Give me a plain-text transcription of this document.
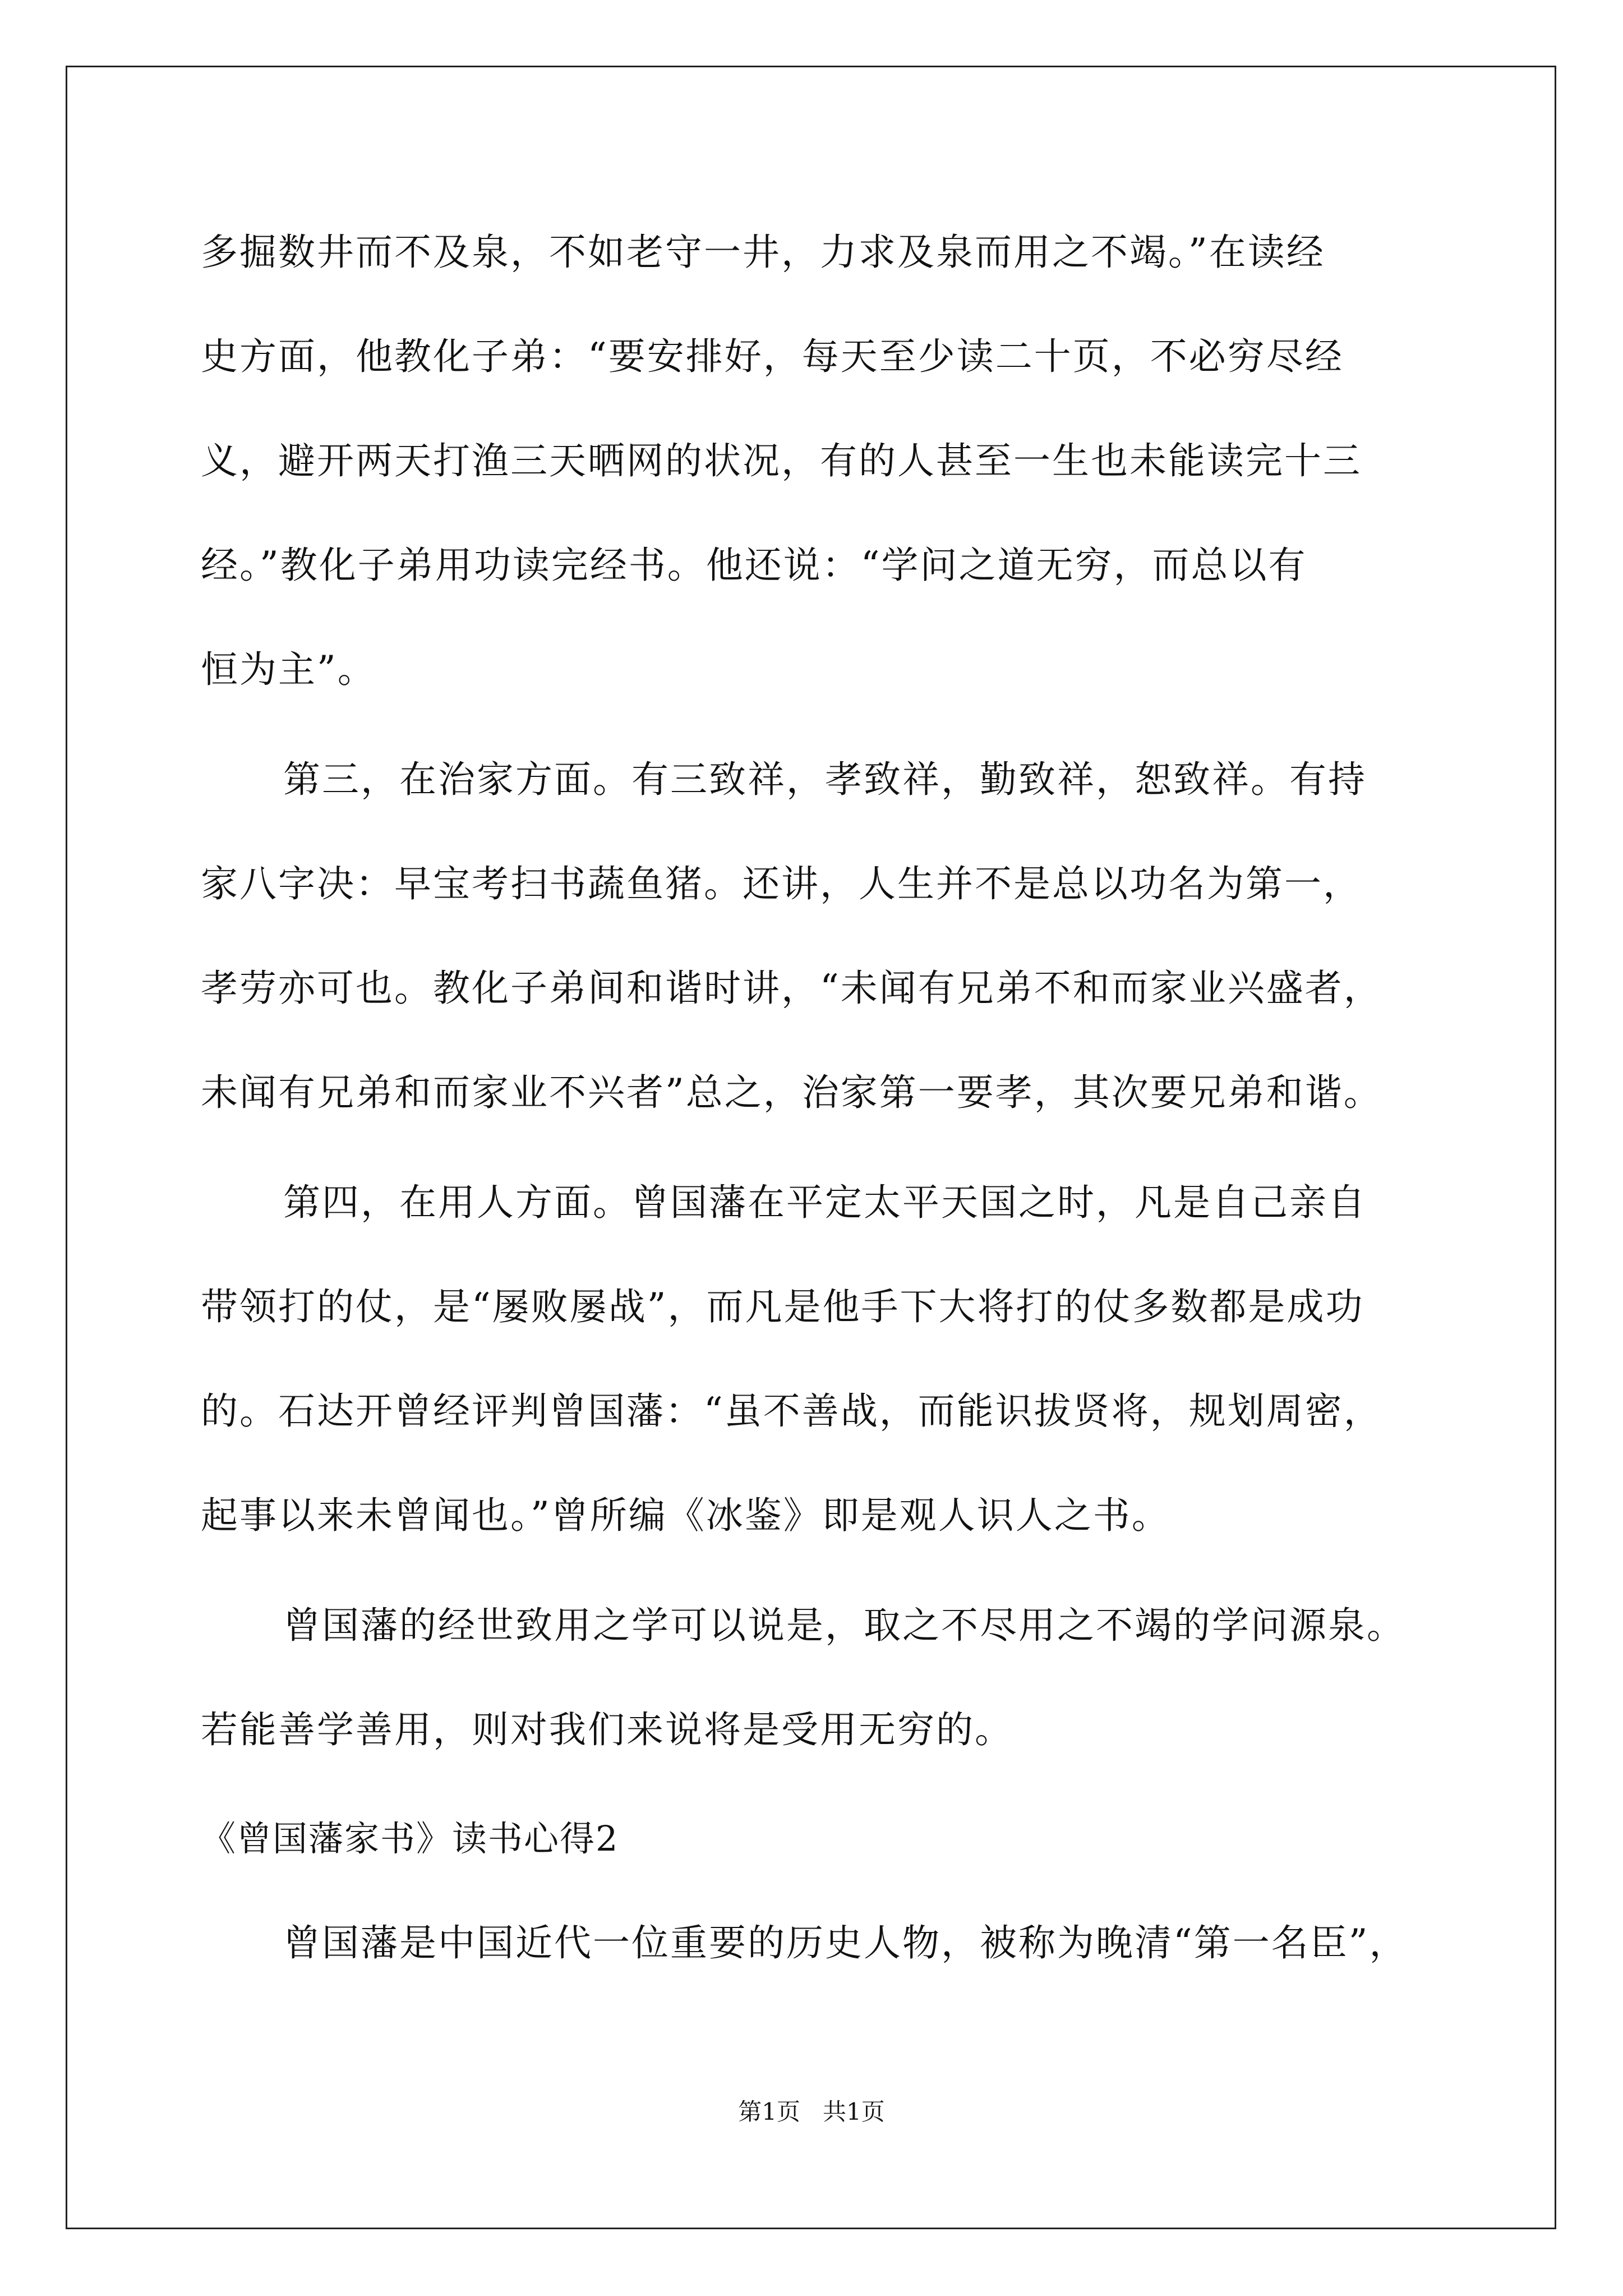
多掘数井而不及泉，不如老守一井，力求及泉而用之不竭。”在读经
史方面，他教化子弟：“要安排好，每天至少读二十页，不必穷尽经
义，避开两天打渔三天晒网的状况，有的人甚至一生也未能读完十三
经。”教化子弟用功读完经书。他还说：“学问之道无穷，而总以有
恒为主”。
第三，在治家方面。有三致祥，孝致祥，勤致祥，恕致祥。有持
家八字决：早宝考扫书蔬鱼猪。还讲，人生并不是总以功名为第一，
孝劳亦可也。教化子弟间和谐时讲，“未闻有兄弟不和而家业兴盛者，
未闻有兄弟和而家业不兴者”总之，治家第一要孝，其次要兄弟和谐。
第四，在用人方面。曾国藩在平定太平天国之时，凡是自己亲自
带领打的仗，是“屡败屡战”，而凡是他手下大将打的仗多数都是成功
的。石达开曾经评判曾国藩：“虽不善战，而能识拔贤将，规划周密，
起事以来未曾闻也。”曾所编《冰鉴》即是观人识人之书。
曾国藩的经世致用之学可以说是，取之不尽用之不竭的学问源泉。
若能善学善用，则对我们来说将是受用无穷的。
《曾国藩家书》读书心得2
曾国藩是中国近代一位重要的历史人物，被称为晚清“第一名臣”，
第1页   共1页
